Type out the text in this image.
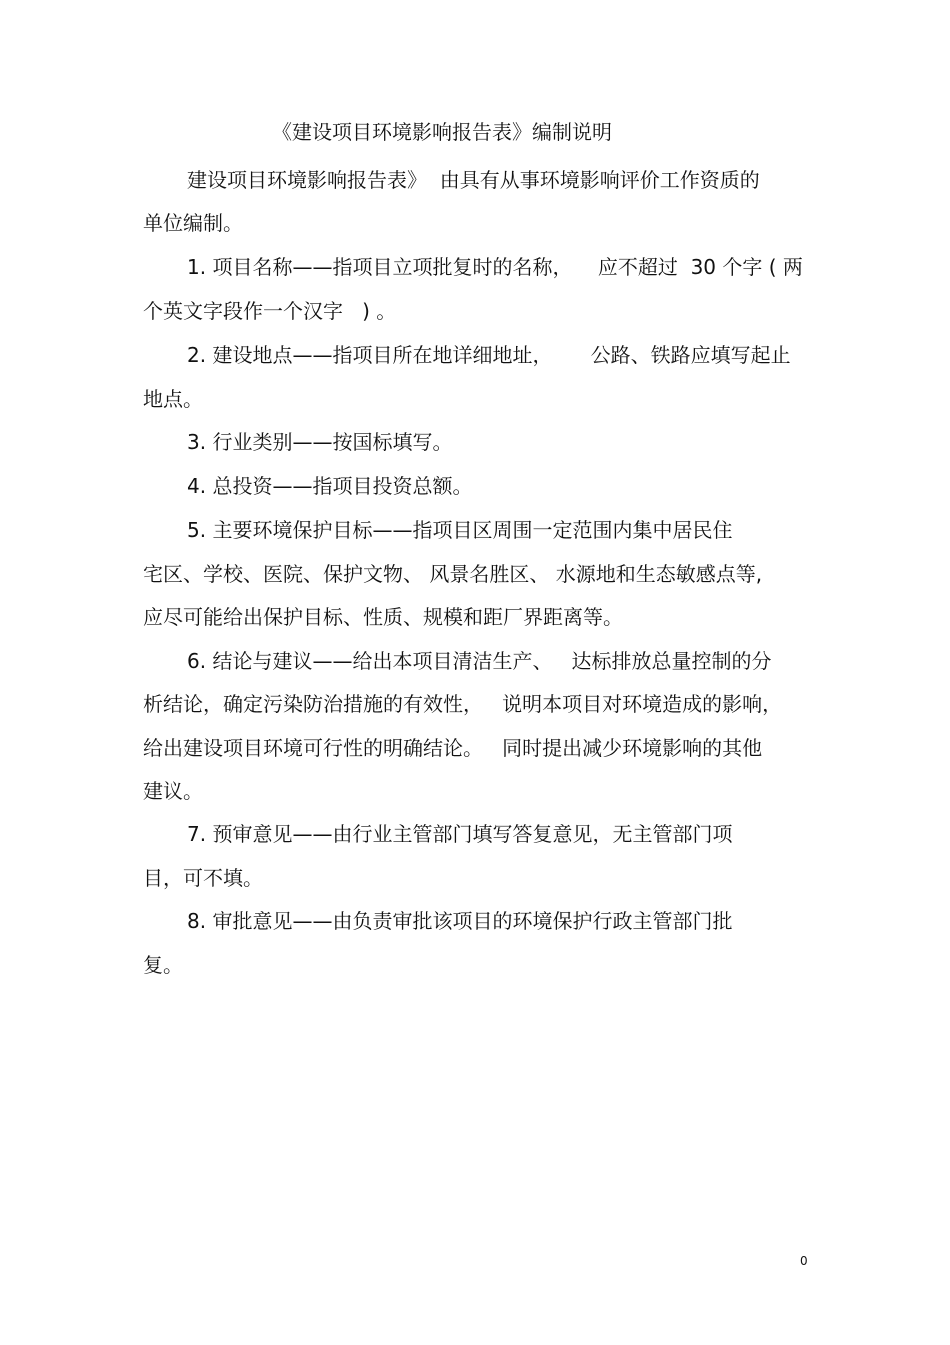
《建设项目环境影响报告表》编制说明
建设项目环境影响报告表》  由具有从事环境影响评价工作资质的
单位编制。
1. 项目名称——指项目立项批复时的名称，    应不超过  30 个字 ( 两
个英文字段作一个汉字   ) 。
2. 建设地点——指项目所在地详细地址，      公路、铁路应填写起止
地点。
3. 行业类别——按国标填写。
4. 总投资——指项目投资总额。
5. 主要环境保护目标——指项目区周围一定范围内集中居民住
宅区、学校、医院、保护文物、 风景名胜区、 水源地和生态敏感点等,
应尽可能给出保护目标、性质、规模和距厂界距离等。
6. 结论与建议——给出本项目清洁生产、   达标排放总量控制的分
析结论，确定污染防治措施的有效性，   说明本项目对环境造成的影响，
给出建设项目环境可行性的明确结论。   同时提出减少环境影响的其他
建议。
7. 预审意见——由行业主管部门填写答复意见，无主管部门项
目，可不填。
8. 审批意见——由负责审批该项目的环境保护行政主管部门批
复。
0
